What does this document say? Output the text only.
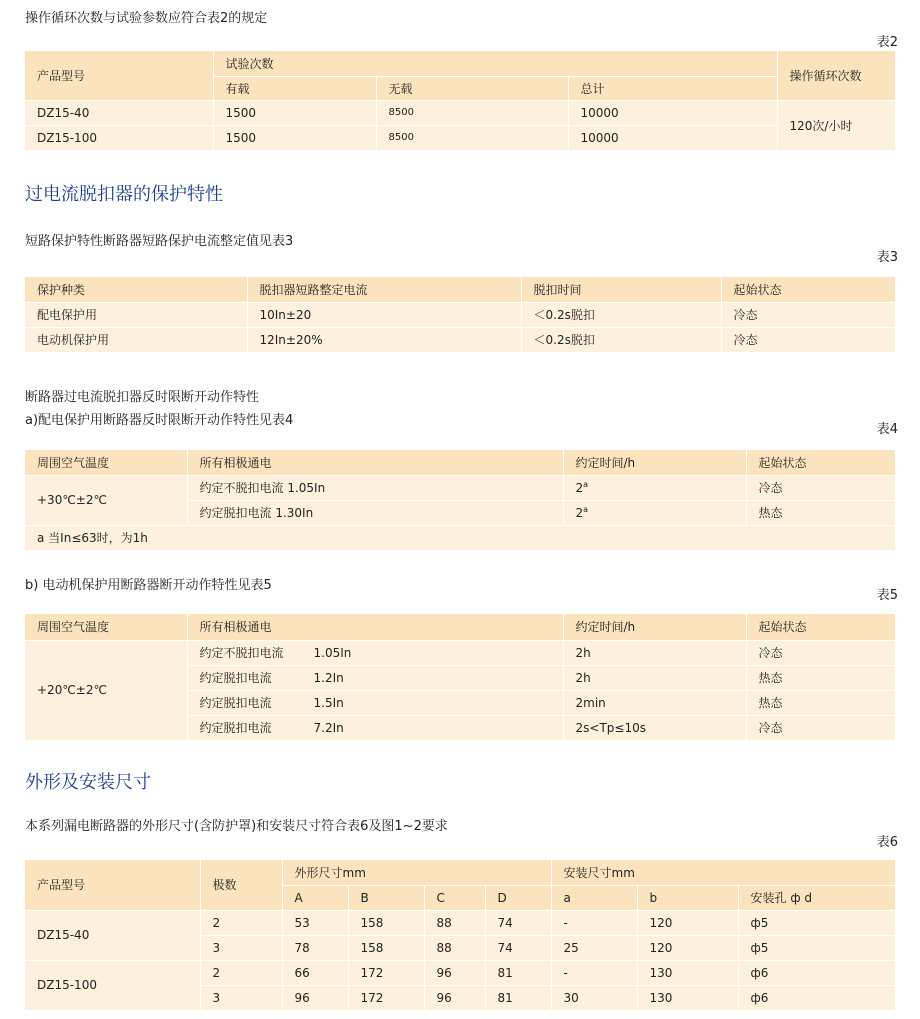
操作循环次数与试验参数应符合表2的规定
表2
产品型号	试验次数			操作循环次数
	有载	无载	总计	
DZ15-40	1500	8500	10000	120次/小时
DZ15-100	1500	8500	10000	
过电流脱扣器的保护特性
短路保护特性断路器短路保护电流整定值见表3
表3
保护种类	脱扣器短路整定电流	脱扣时间	起始状态
配电保护用	10In±20	＜0.2s脱扣	冷态
电动机保护用	12In±20%	＜0.2s脱扣	冷态
断路器过电流脱扣器反时限断开动作特性
a)配电保护用断路器反时限断开动作特性见表4
表4
周围空气温度	所有相极通电	约定时间/h	起始状态
+30℃±2℃	约定不脱扣电流 1.05In	2$^a$	冷态
	约定脱扣电流 1.30In	2$^a$	热态
a 当In≤63时，为1h			
b) 电动机保护用断路器断开动作特性见表5
表5
周围空气温度	所有相极通电	约定时间/h	起始状态
+20℃±2℃	约定不脱扣电流 1.05In	2h	冷态
	约定脱扣电流 1.2In	2h	热态
	约定脱扣电流 1.5In	2min	热态
	约定脱扣电流 7.2In	2s<Tp≤10s	冷态
外形及安装尺寸
本系列漏电断路器的外形尺寸(含防护罩)和安装尺寸符合表6及图1~2要求
表6
产品型号	极数	外形尺寸mm				安装尺寸mm		
		A	B	C	D	a	b	安装孔 ф d
DZ15-40	2	53	158	88	74	-	120	ф5
	3	78	158	88	74	25	120	ф5
DZ15-100	2	66	172	96	81	-	130	ф6
	3	96	172	96	81	30	130	ф6
